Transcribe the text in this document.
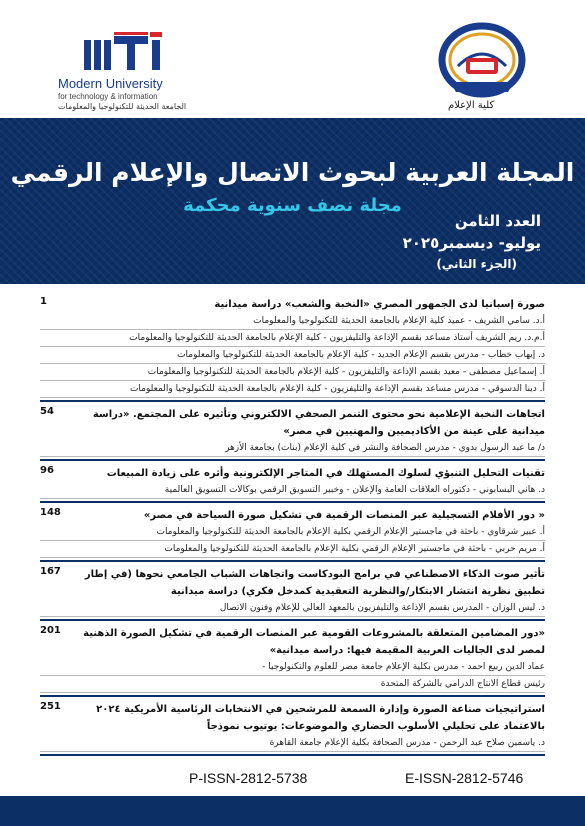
Modern University
for technology & information
الجامعة الحديثة للتكنولوجيا والمعلومات	كلية الإعلام
المجلة العربية لبحوث الاتصال والإعلام الرقمي
مجلة نصف سنوية محكمة
العدد الثامن
يوليو- ديسمبر٢٠٢٥
(الجزء الثاني)
1	صورة إسبانيا لدى الجمهور المصري «النخبة والشعب» دراسة ميدانية
أ.د. سامي الشريف - عميد كلية الإعلام بالجامعة الحديثة للتكنولوجيا والمعلومات
أ.م.د. ريم الشريف أستاذ مساعد بقسم الإذاعة والتليفزيون - كلية الإعلام بالجامعة الحديثة للتكنولوجيا والمعلومات
د. إيهاب خطاب - مدرس بقسم الإعلام الجديد - كلية الإعلام بالجامعة الحديثة للتكنولوجيا والمعلومات
أ. إسماعيل مصطفى - معيد بقسم الإذاعة والتليفزيون - كلية الإعلام بالجامعة الحديثة للتكنولوجيا والمعلومات
أ. دينا الدسوقي - مدرس مساعد بقسم الإذاعة والتليفزيون - كلية الإعلام بالجامعة الحديثة للتكنولوجيا والمعلومات
54	اتجاهات النخبة الإعلامية نحو محتوى التنمر الصحفي الالكتروني وتأثيره على المجتمع. «دراسة ميدانية على عينة من الأكاديميين والمهنيين في مصر»
د/ ما عبد الرسول بدوي - مدرس الصحافة والنشر في كلية الإعلام (بنات) بجامعة الأزهر
96	تقنيات التحليل التنبؤي لسلوك المستهلك في المتاجر الإلكترونية وأثره على زيادة المبيعات
د. هاني البسابوني - دكتوراه العلاقات العامة والإعلان - وخبير التسويق الرقمي بوكالات التسويق العالمية
148	« دور الأفلام التسجيلية عبر المنصات الرقمية في تشكيل صورة السياحة في مصر»
أ. عبير شرقاوي - باحثة في ماجستير الإعلام الرقمي بكلية الإعلام بالجامعة الحديثة للتكنولوجيا والمعلومات
أ. مريم حربي - باحثة في ماجستير الإعلام الرقمي بكلية الإعلام بالجامعة الحديثة للتكنولوجيا والمعلومات
167	تأثير صوت الذكاء الاصطناعي في برامج البودكاست واتجاهات الشباب الجامعي نحوها (في إطار تطبيق نظرية انتشار الابتكار/والنظرية التعقيدية كمدخل فكري) دراسة ميدانية
د. ليس الوزان - المدرس بقسم الإذاعة والتليفزيون بالمعهد العالي للإعلام وفنون الاتصال
201	«دور المضامين المتعلقة بالمشروعات القومية عبر المنصات الرقمية في تشكيل الصورة الذهنية لمصر لدى الجاليات العربية المقيمة فيها: دراسة ميدانية»
عماد الدين ربيع احمد - مدرس بكلية الإعلام جامعة مصر للعلوم والتكنولوجيا -
رئيس قطاع الانتاج الدرامي بالشركة المتحدة
251	استراتيجيات صناعة الصورة وإدارة السمعة للمرشحين في الانتخابات الرئاسية الأمريكية ٢٠٢٤ بالاعتماد على تحليلي الأسلوب الحضاري والموضوعات: يوتيوب نموذجاً
د. ياسمين صلاح عبد الرحمن - مدرس الصحافة بكلية الإعلام جامعة القاهرة
P-ISSN-2812-5738	E-ISSN-2812-5746
